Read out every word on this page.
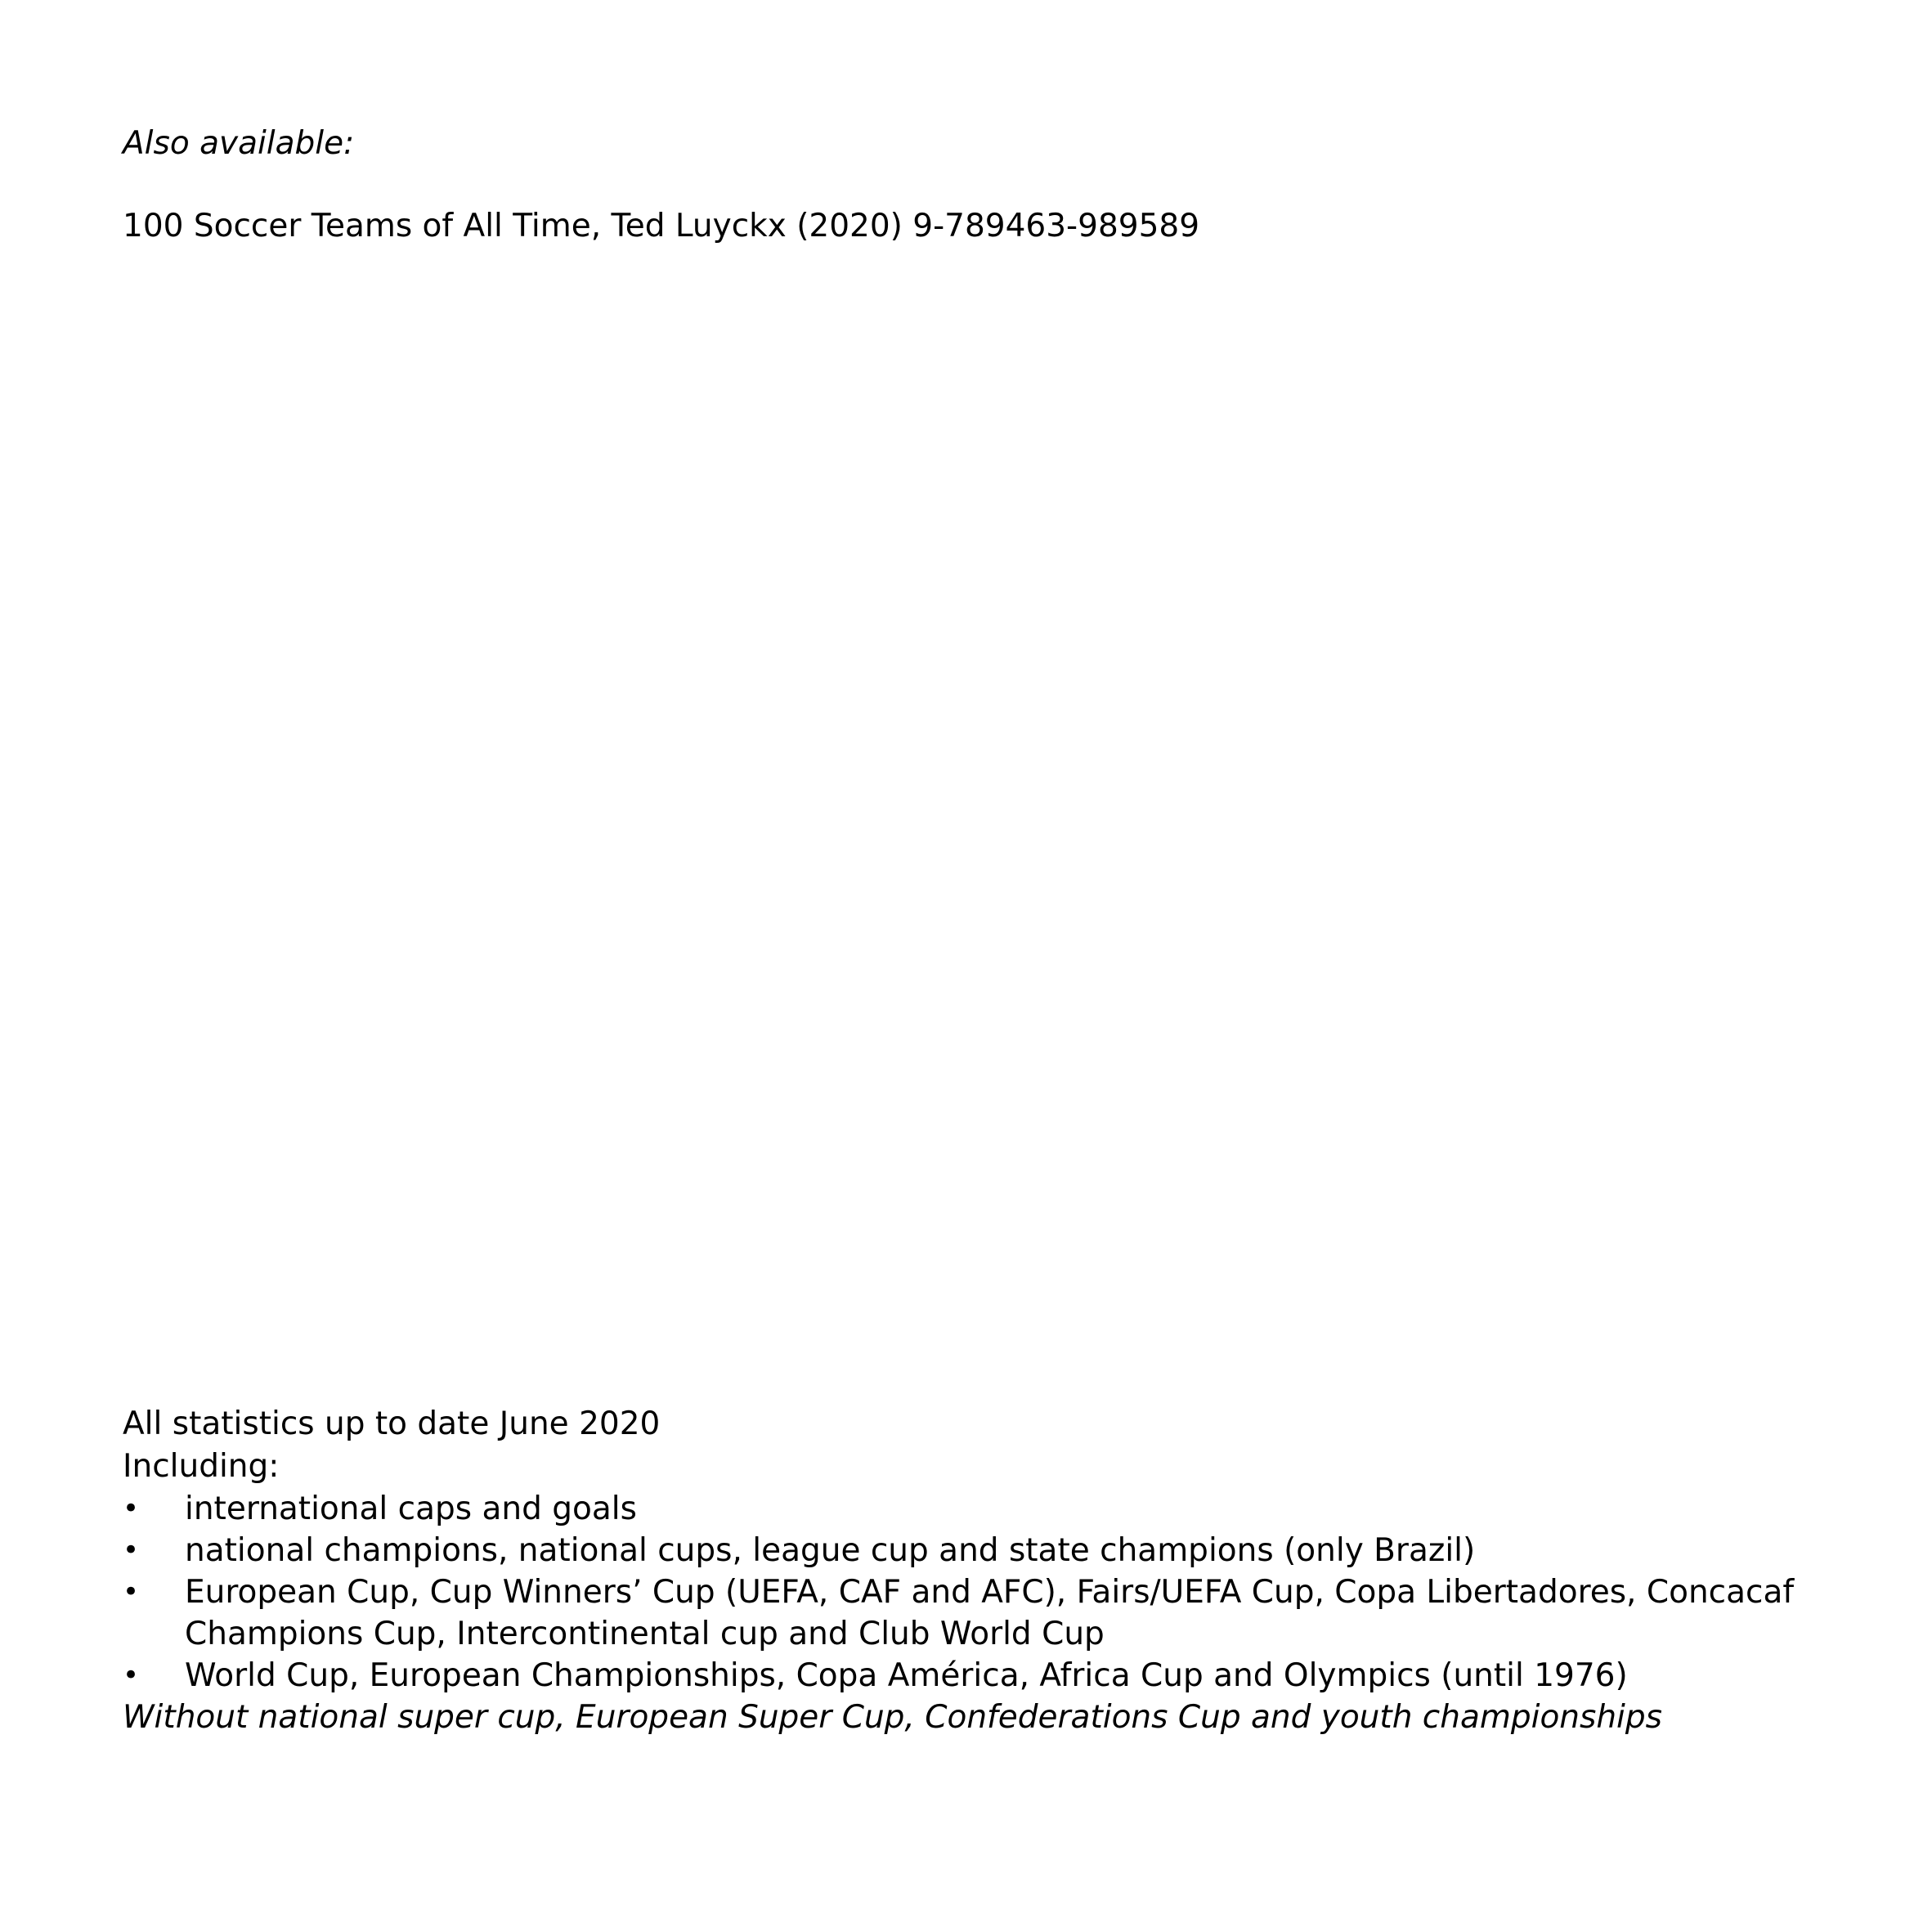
Also available:
100 Soccer Teams of All Time, Ted Luyckx (2020) 9-789463-989589
All statistics up to date June 2020
Including:
• international caps and goals
• national champions, national cups, league cup and state champions (only Brazil)
• European Cup, Cup Winners’ Cup (UEFA, CAF and AFC), Fairs/UEFA Cup, Copa Libertadores, Concacaf Champions Cup, Intercontinental cup and Club World Cup
• World Cup, European Championships, Copa América, Africa Cup and Olympics (until 1976)
Without national super cup, European Super Cup, Confederations Cup and youth championships
